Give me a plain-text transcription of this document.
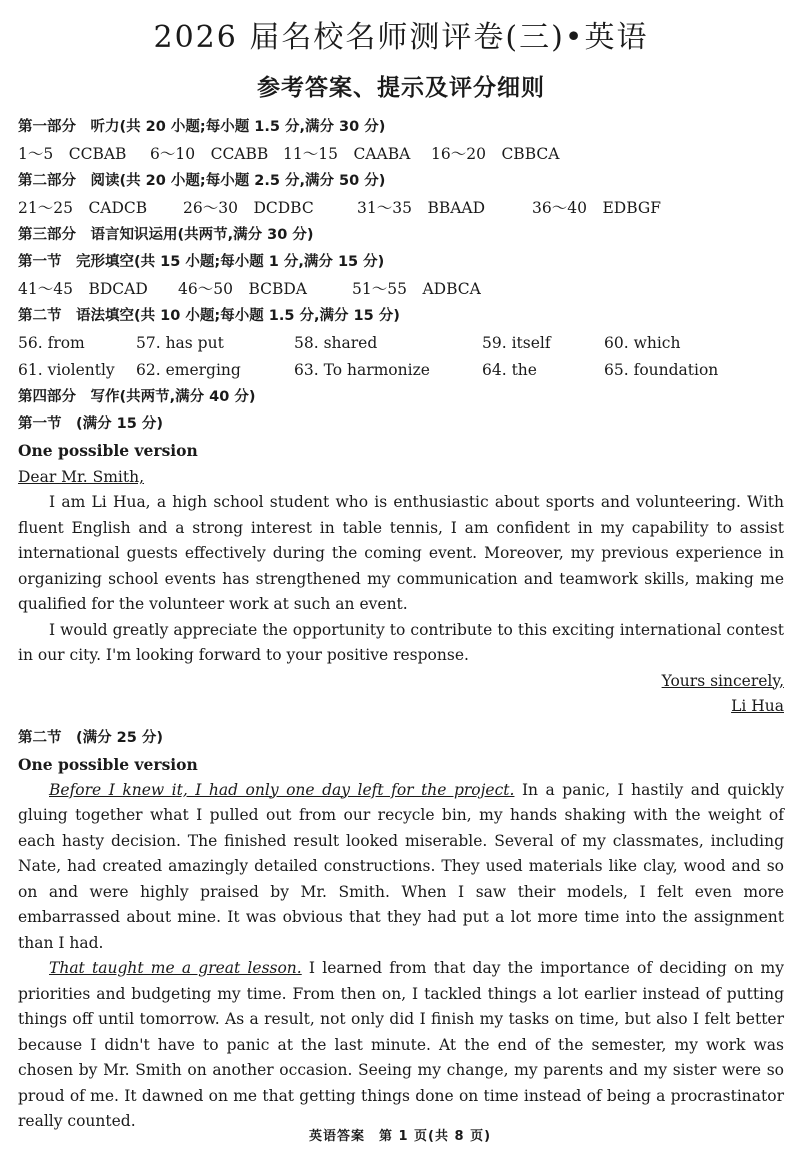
2026 届名校名师测评卷(三)•英语
参考答案、提示及评分细则
第一部分　听力(共 20 小题;每小题 1.5 分,满分 30 分)
1～5　CCBAB 6～10　CCABB 11～15　CAABA 16～20　CBBCA
第二部分　阅读(共 20 小题;每小题 2.5 分,满分 50 分)
21～25　CADCB 26～30　DCDBC	31～35　BBAAD	36～40　EDBGF
第三部分　语言知识运用(共两节,满分 30 分)
第一节　完形填空(共 15 小题;每小题 1 分,满分 15 分)
41～45　BDCAD 46～50　BCBDA	51～55　ADBCA
第二节　语法填空(共 10 小题;每小题 1.5 分,满分 15 分)
56. from	57. has put	58. shared	59. itself	60. which
61. violently	62. emerging	63. To harmonize	64. the	65. foundation
第四部分　写作(共两节,满分 40 分)
第一节　(满分 15 分)
One possible version
Dear Mr. Smith,

I am Li Hua, a high school student who is enthusiastic about sports and volunteering. With fluent English and a strong interest in table tennis, I am confident in my capability to assist international guests effectively during the coming event. Moreover, my previous experience in organizing school events has strengthened my communication and teamwork skills, making me qualified for the volunteer work at such an event.

I would greatly appreciate the opportunity to contribute to this exciting international contest in our city. I'm looking forward to your positive response.

Yours sincerely,
Li Hua
第二节　(满分 25 分)
One possible version

Before I knew it, I had only one day left for the project. In a panic, I hastily and quickly gluing together what I pulled out from our recycle bin, my hands shaking with the weight of each hasty decision. The finished result looked miserable. Several of my classmates, including Nate, had created amazingly detailed constructions. They used materials like clay, wood and so on and were highly praised by Mr. Smith. When I saw their models, I felt even more embarrassed about mine. It was obvious that they had put a lot more time into the assignment than I had.

That taught me a great lesson. I learned from that day the importance of deciding on my priorities and budgeting my time. From then on, I tackled things a lot earlier instead of putting things off until tomorrow. As a result, not only did I finish my tasks on time, but also I felt better because I didn't have to panic at the last minute. At the end of the semester, my work was chosen by Mr. Smith on another occasion. Seeing my change, my parents and my sister were so proud of me. It dawned on me that getting things done on time instead of being a procrastinator really counted.

英语答案　第 1 页(共 8 页)
